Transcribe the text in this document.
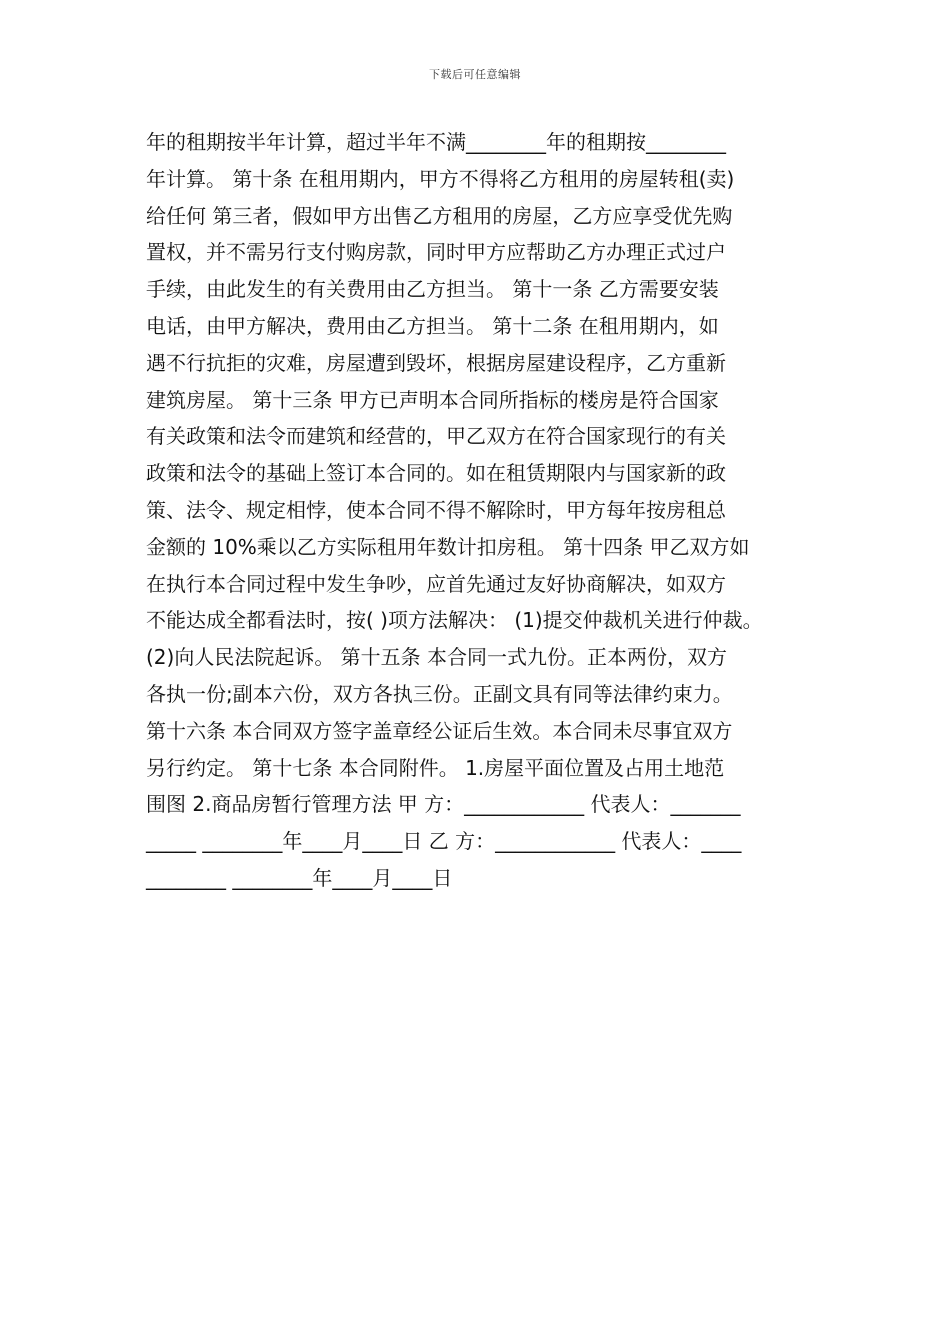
下载后可任意编辑
年的租期按半年计算，超过半年不满________年的租期按________
年计算。 第十条 在租用期内，甲方不得将乙方租用的房屋转租(卖)
给任何 第三者，假如甲方出售乙方租用的房屋，乙方应享受优先购
置权，并不需另行支付购房款，同时甲方应帮助乙方办理正式过户
手续，由此发生的有关费用由乙方担当。 第十一条 乙方需要安装
电话，由甲方解决，费用由乙方担当。 第十二条 在租用期内，如
遇不行抗拒的灾难，房屋遭到毁坏，根据房屋建设程序，乙方重新
建筑房屋。 第十三条 甲方已声明本合同所指标的楼房是符合国家
有关政策和法令而建筑和经营的，甲乙双方在符合国家现行的有关
政策和法令的基础上签订本合同的。如在租赁期限内与国家新的政
策、法令、规定相悖，使本合同不得不解除时，甲方每年按房租总
金额的 10%乘以乙方实际租用年数计扣房租。 第十四条 甲乙双方如
在执行本合同过程中发生争吵，应首先通过友好协商解决，如双方
不能达成全都看法时，按( )项方法解决： (1)提交仲裁机关进行仲裁。
(2)向人民法院起诉。 第十五条 本合同一式九份。正本两份，双方
各执一份;副本六份，双方各执三份。正副文具有同等法律约束力。
第十六条 本合同双方签字盖章经公证后生效。本合同未尽事宜双方
另行约定。 第十七条 本合同附件。 1.房屋平面位置及占用土地范
围图 2.商品房暂行管理方法 甲 方：____________ 代表人：_______
_____ ________年____月____日 乙 方：____________ 代表人：____
________ ________年____月____日
